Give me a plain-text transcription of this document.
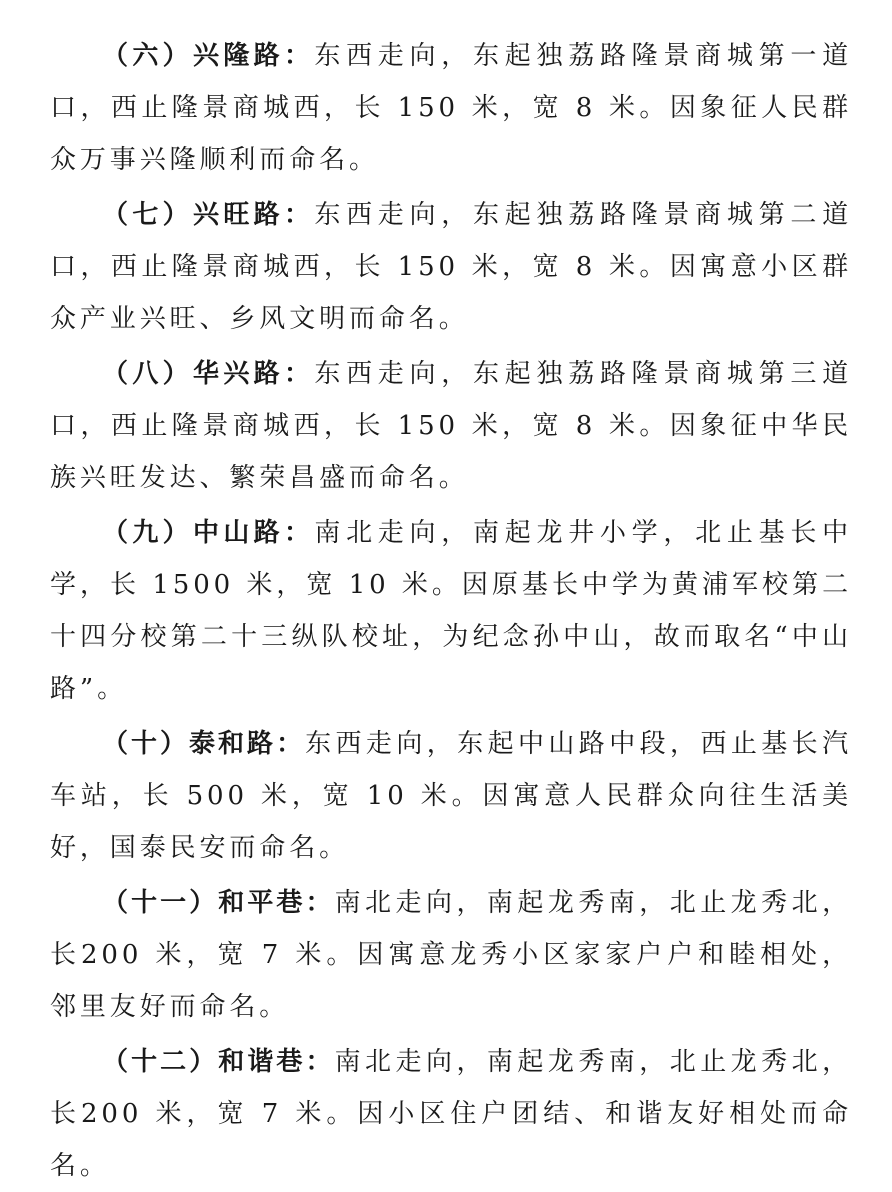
（六）兴隆路：东西走向，东起独荔路隆景商城第一道口，西止隆景商城西，长 150 米，宽 8 米。因象征人民群众万事兴隆顺利而命名。

（七）兴旺路：东西走向，东起独荔路隆景商城第二道口，西止隆景商城西，长 150 米，宽 8 米。因寓意小区群众产业兴旺、乡风文明而命名。

（八）华兴路：东西走向，东起独荔路隆景商城第三道口，西止隆景商城西，长 150 米，宽 8 米。因象征中华民族兴旺发达、繁荣昌盛而命名。

（九）中山路：南北走向，南起龙井小学，北止基长中学，长 1500 米，宽 10 米。因原基长中学为黄浦军校第二十四分校第二十三纵队校址，为纪念孙中山，故而取名“中山路”。

（十）泰和路：东西走向，东起中山路中段，西止基长汽车站，长 500 米，宽 10 米。因寓意人民群众向往生活美好，国泰民安而命名。

（十一）和平巷：南北走向，南起龙秀南，北止龙秀北，长200 米，宽 7 米。因寓意龙秀小区家家户户和睦相处，邻里友好而命名。

（十二）和谐巷：南北走向，南起龙秀南，北止龙秀北，长200 米，宽 7 米。因小区住户团结、和谐友好相处而命名。
